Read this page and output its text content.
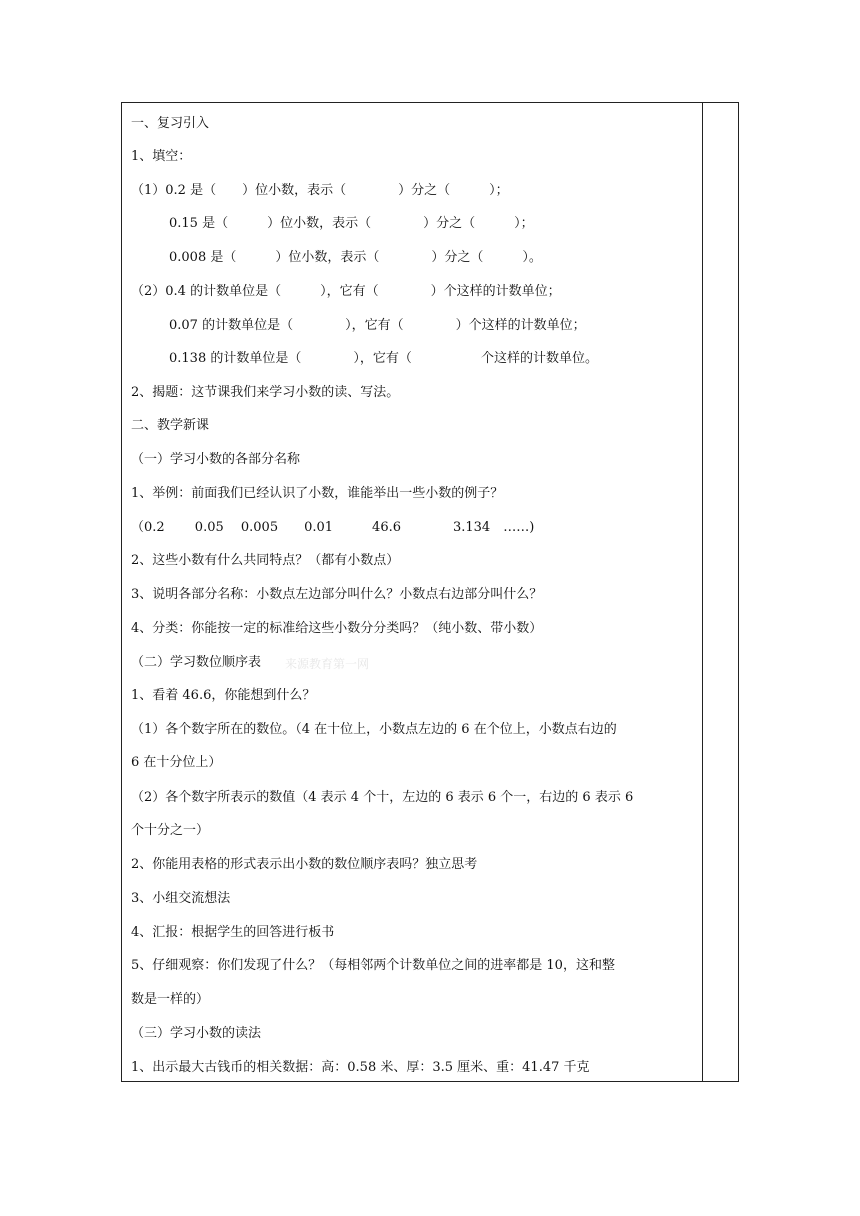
来源教育第一网
一、复习引入
1、填空：
（1）0.2 是（　　）位小数，表示（　　　　）分之（　　　）；
0.15 是（　　　）位小数，表示（　　　　）分之（　　　）；
0.008 是（　　　）位小数，表示（　　　　）分之（　　　）。
（2）0.4 的计数单位是（　　　），它有（　　　　）个这样的计数单位；
0.07 的计数单位是（　　　　），它有（　　　　）个这样的计数单位；
0.138 的计数单位是（　　　　），它有（　　　　　 个这样的计数单位。
2、揭题：这节课我们来学习小数的读、写法。
二、教学新课
（一）学习小数的各部分名称
1、举例：前面我们已经认识了小数，谁能举出一些小数的例子？
（0.2　　 0.05　 0.005　　0.01　　　46.6　　　　3.134　……)
2、这些小数有什么共同特点？（都有小数点）
3、说明各部分名称：小数点左边部分叫什么？小数点右边部分叫什么？
4、分类：你能按一定的标准给这些小数分分类吗？（纯小数、带小数）
（二）学习数位顺序表
1、看着 46.6，你能想到什么？
（1）各个数字所在的数位。（4 在十位上，小数点左边的 6 在个位上，小数点右边的
6 在十分位上）
（2）各个数字所表示的数值（4 表示 4 个十，左边的 6 表示 6 个一，右边的 6 表示 6
个十分之一）
2、你能用表格的形式表示出小数的数位顺序表吗？独立思考
3、小组交流想法
4、汇报：根据学生的回答进行板书
5、仔细观察：你们发现了什么？（每相邻两个计数单位之间的进率都是 10，这和整
数是一样的）
（三）学习小数的读法
1、出示最大古钱币的相关数据：高：0.58 米、厚：3.5 厘米、重：41.47 千克
